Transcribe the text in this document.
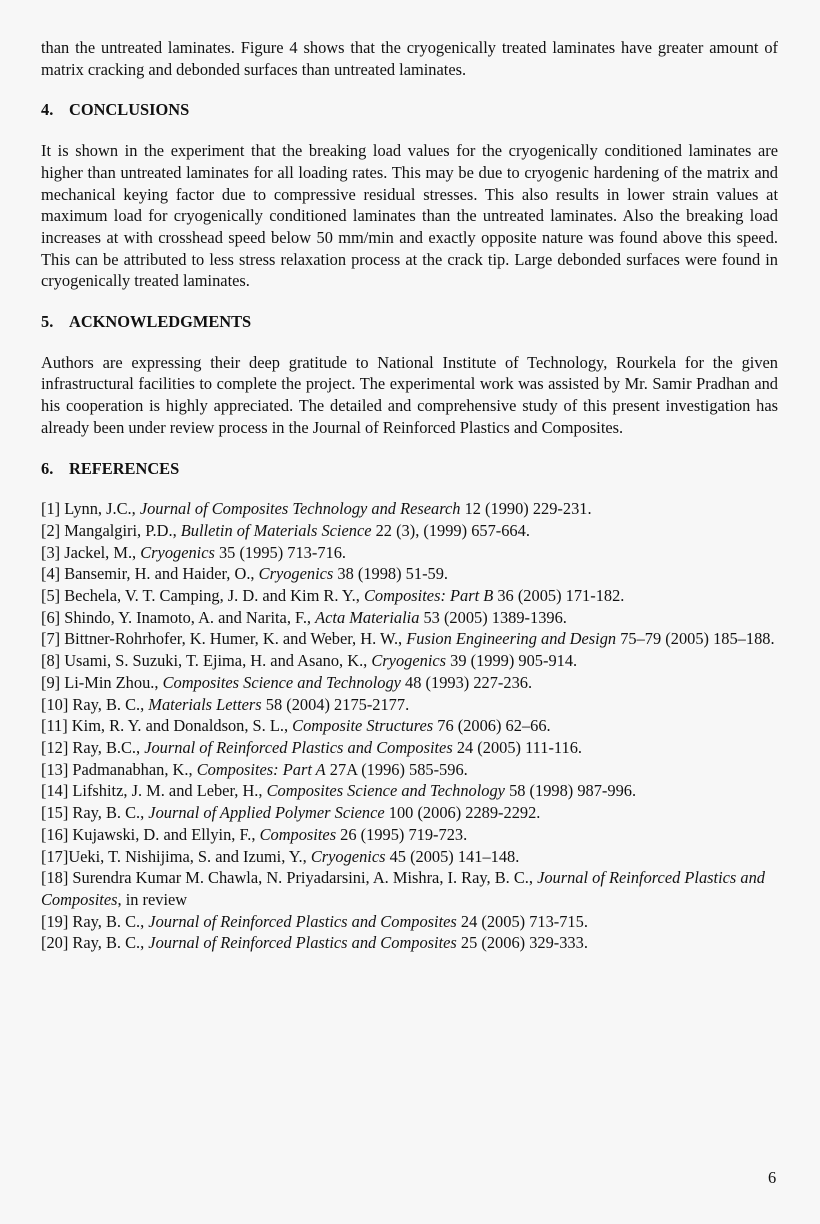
than the untreated laminates. Figure 4 shows that the cryogenically treated laminates have greater amount of matrix cracking and debonded surfaces than untreated laminates.

4. CONCLUSIONS

It is shown in the experiment that the breaking load values for the cryogenically conditioned laminates are higher than untreated laminates for all loading rates. This may be due to cryogenic hardening of the matrix and mechanical keying factor due to compressive residual stresses. This also results in lower strain values at maximum load for cryogenically conditioned laminates than the untreated laminates. Also the breaking load increases at with crosshead speed below 50 mm/min and exactly opposite nature was found above this speed. This can be attributed to less stress relaxation process at the crack tip. Large debonded surfaces were found in cryogenically treated laminates.

5. ACKNOWLEDGMENTS

Authors are expressing their deep gratitude to National Institute of Technology, Rourkela for the given infrastructural facilities to complete the project. The experimental work was assisted by Mr. Samir Pradhan and his cooperation is highly appreciated. The detailed and comprehensive study of this present investigation has already been under review process in the Journal of Reinforced Plastics and Composites.

6. REFERENCES
[1] Lynn, J.C., Journal of Composites Technology and Research 12 (1990) 229-231.
[2] Mangalgiri, P.D., Bulletin of Materials Science 22 (3), (1999) 657-664.
[3] Jackel, M., Cryogenics 35 (1995) 713-716.
[4] Bansemir, H. and Haider, O., Cryogenics 38 (1998) 51-59.
[5] Bechela, V. T. Camping, J. D. and Kim R. Y., Composites: Part B 36 (2005) 171-182.
[6] Shindo, Y. Inamoto, A. and Narita, F., Acta Materialia 53 (2005) 1389-1396.
[7] Bittner-Rohrhofer, K. Humer, K. and Weber, H. W., Fusion Engineering and Design 75–79 (2005) 185–188.
[8] Usami, S. Suzuki, T. Ejima, H. and Asano, K., Cryogenics 39 (1999) 905-914.
[9] Li-Min Zhou., Composites Science and Technology 48 (1993) 227-236.
[10] Ray, B. C., Materials Letters 58 (2004) 2175-2177.
[11] Kim, R. Y. and Donaldson, S. L., Composite Structures 76 (2006) 62–66.
[12] Ray, B.C., Journal of Reinforced Plastics and Composites 24 (2005) 111-116.
[13] Padmanabhan, K., Composites: Part A 27A (1996) 585-596.
[14] Lifshitz, J. M. and Leber, H., Composites Science and Technology 58 (1998) 987-996.
[15] Ray, B. C., Journal of Applied Polymer Science 100 (2006) 2289-2292.
[16] Kujawski, D. and Ellyin, F., Composites 26 (1995) 719-723.
[17]Ueki, T. Nishijima, S. and Izumi, Y., Cryogenics 45 (2005) 141–148.
[18] Surendra Kumar M. Chawla, N. Priyadarsini, A. Mishra, I. Ray, B. C., Journal of Reinforced Plastics and Composites, in review
[19] Ray, B. C., Journal of Reinforced Plastics and Composites 24 (2005) 713-715.
[20] Ray, B. C., Journal of Reinforced Plastics and Composites 25 (2006) 329-333.
6
